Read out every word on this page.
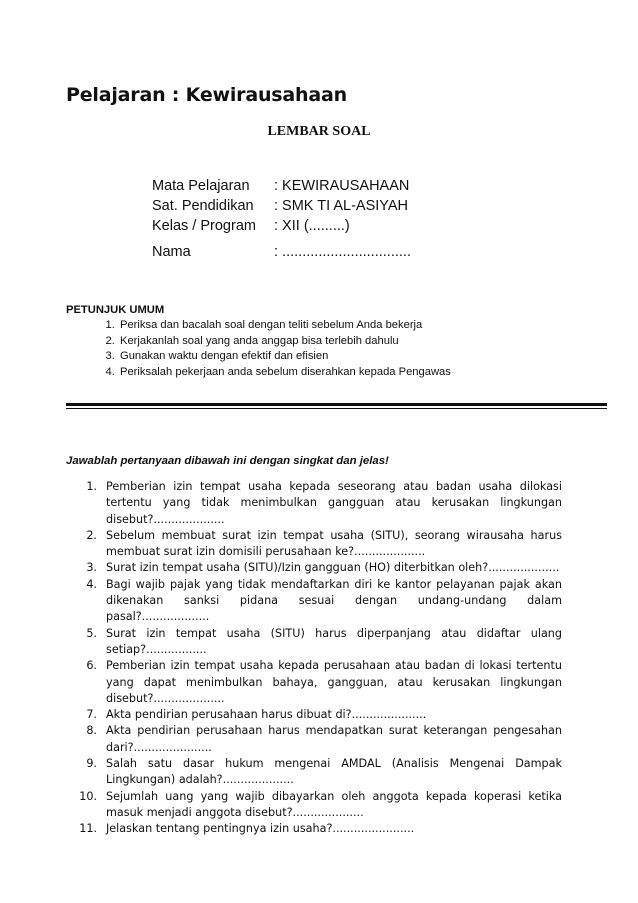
Pelajaran : Kewirausahaan
LEMBAR SOAL
Mata Pelajaran	: KEWIRAUSAHAAN
Sat. Pendidikan	: SMK TI AL-ASIYAH
Kelas / Program	: XII (.........)
Nama	: ................................
PETUNJUK UMUM
1. Periksa dan bacalah soal dengan teliti sebelum Anda bekerja
2. Kerjakanlah soal yang anda anggap bisa terlebih dahulu
3. Gunakan waktu dengan efektif dan efisien
4. Periksalah pekerjaan anda sebelum diserahkan kepada Pengawas
Jawablah pertanyaan dibawah ini dengan singkat dan jelas!
1. Pemberian izin tempat usaha kepada seseorang atau badan usaha dilokasi tertentu yang tidak menimbulkan gangguan atau kerusakan lingkungan disebut?....................
2. Sebelum membuat surat izin tempat usaha (SITU), seorang wirausaha harus membuat surat izin domisili perusahaan ke?....................
3. Surat izin tempat usaha (SITU)/Izin gangguan (HO) diterbitkan oleh?....................
4. Bagi wajib pajak yang tidak mendaftarkan diri ke kantor pelayanan pajak akan dikenakan sanksi pidana sesuai dengan undang-undang dalam pasal?...................
5. Surat izin tempat usaha (SITU) harus diperpanjang atau didaftar ulang setiap?.................
6. Pemberian izin tempat usaha kepada perusahaan atau badan di lokasi tertentu yang dapat menimbulkan bahaya, gangguan, atau kerusakan lingkungan disebut?....................
7. Akta pendirian perusahaan harus dibuat di?.....................
8. Akta pendirian perusahaan harus mendapatkan surat keterangan pengesahan dari?......................
9. Salah satu dasar hukum mengenai AMDAL (Analisis Mengenai Dampak Lingkungan) adalah?....................
10. Sejumlah uang yang wajib dibayarkan oleh anggota kepada koperasi ketika masuk menjadi anggota disebut?....................
11. Jelaskan tentang pentingnya izin usaha?.......................
